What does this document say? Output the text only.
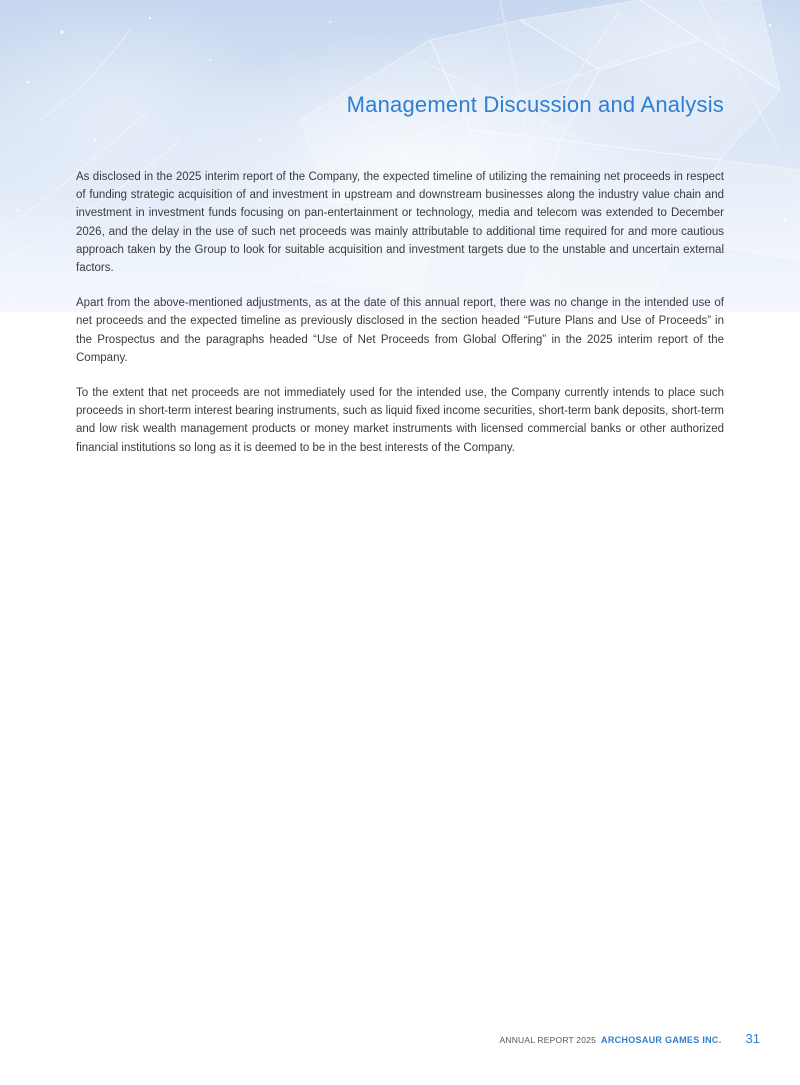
Management Discussion and Analysis

As disclosed in the 2025 interim report of the Company, the expected timeline of utilizing the remaining net proceeds in respect of funding strategic acquisition of and investment in upstream and downstream businesses along the industry value chain and investment in investment funds focusing on pan-entertainment or technology, media and telecom was extended to December 2026, and the delay in the use of such net proceeds was mainly attributable to additional time required for and more cautious approach taken by the Group to look for suitable acquisition and investment targets due to the unstable and uncertain external factors.

Apart from the above-mentioned adjustments, as at the date of this annual report, there was no change in the intended use of net proceeds and the expected timeline as previously disclosed in the section headed “Future Plans and Use of Proceeds” in the Prospectus and the paragraphs headed “Use of Net Proceeds from Global Offering” in the 2025 interim report of the Company.

To the extent that net proceeds are not immediately used for the intended use, the Company currently intends to place such proceeds in short-term interest bearing instruments, such as liquid fixed income securities, short-term bank deposits, short-term and low risk wealth management products or money market instruments with licensed commercial banks or other authorized financial institutions so long as it is deemed to be in the best interests of the Company.

ANNUAL REPORT 2025 ARCHOSAUR GAMES INC. 31
